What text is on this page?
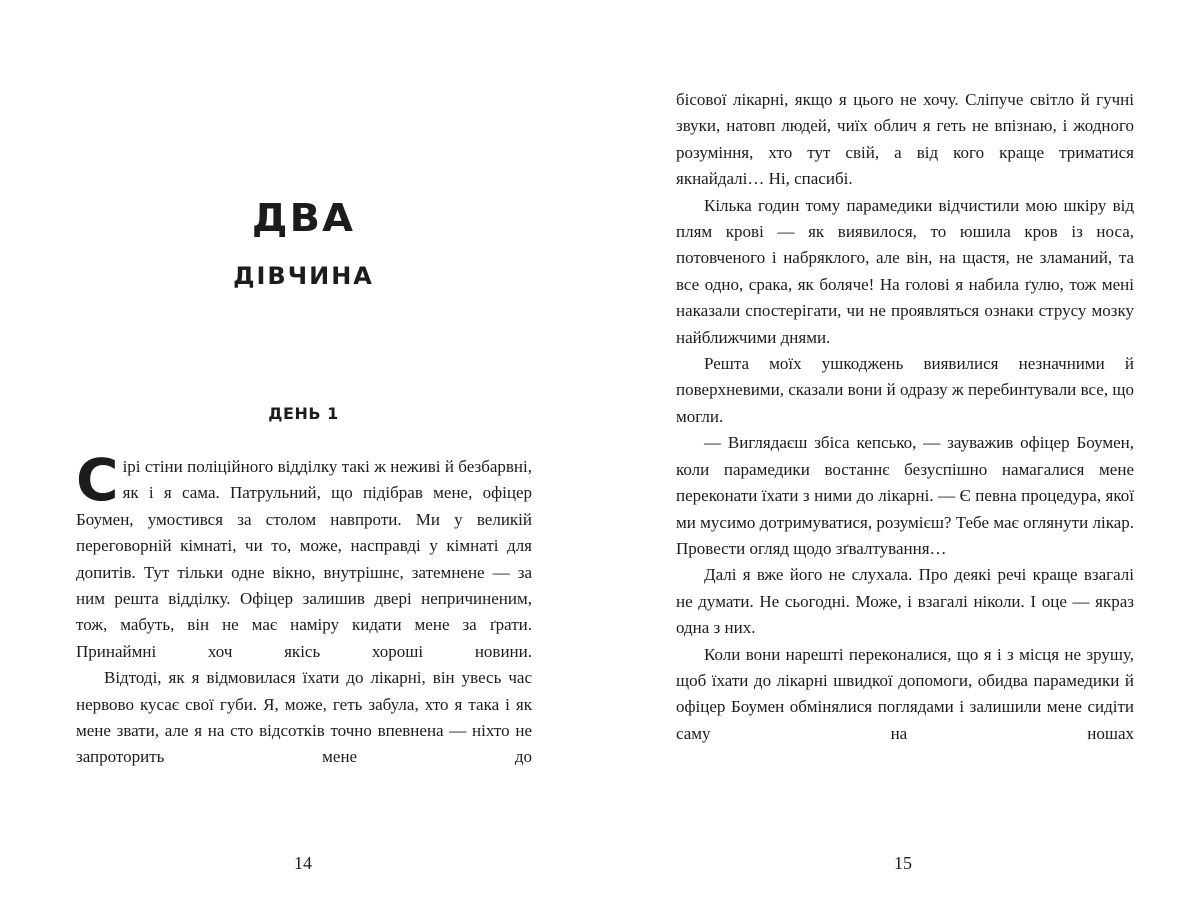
ДВА
ДІВЧИНА
ДЕНЬ 1

Сірі стіни поліційного відділку такі ж неживі й безбарвні, як і я сама. Патрульний, що підібрав мене, офіцер Боумен, умостився за столом навпроти. Ми у великій переговорній кімнаті, чи то, може, насправді у кімнаті для допитів. Тут тільки одне вікно, внутрішнє, затемнене — за ним решта відділку. Офіцер залишив двері непричиненим, тож, мабуть, він не має наміру кидати мене за ґрати. Принаймні хоч якісь хороші новини.

Відтоді, як я відмовилася їхати до лікарні, він увесь час нервово кусає свої губи. Я, може, геть забула, хто я така і як мене звати, але я на сто відсотків точно впевнена — ніхто не запроторить мене до

14

бісової лікарні, якщо я цього не хочу. Сліпуче світло й гучні звуки, натовп людей, чиїх облич я геть не впізнаю, і жодного розуміння, хто тут свій, а від кого краще триматися якнайдалі… Ні, спасибі.

Кілька годин тому парамедики відчистили мою шкіру від плям крові — як виявилося, то юшила кров із носа, потовченого і набряклого, але він, на щастя, не зламаний, та все одно, срака, як боляче! На голові я набила ґулю, тож мені наказали спостерігати, чи не проявляться ознаки струсу мозку найближчими днями.

Решта моїх ушкоджень виявилися незначними й поверхневими, сказали вони й одразу ж перебинтували все, що могли.

— Виглядаєш збіса кепсько, — зауважив офіцер Боумен, коли парамедики востаннє безуспішно намагалися мене переконати їхати з ними до лікарні. — Є певна процедура, якої ми мусимо дотримуватися, розумієш? Тебе має оглянути лікар. Провести огляд щодо зґвалтування…

Далі я вже його не слухала. Про деякі речі краще взагалі не думати. Не сьогодні. Може, і взагалі ніколи. І оце — якраз одна з них.

Коли вони нарешті переконалися, що я і з місця не зрушу, щоб їхати до лікарні швидкої допомоги, обидва парамедики й офіцер Боумен обмінялися поглядами і залишили мене сидіти саму на ношах

15
